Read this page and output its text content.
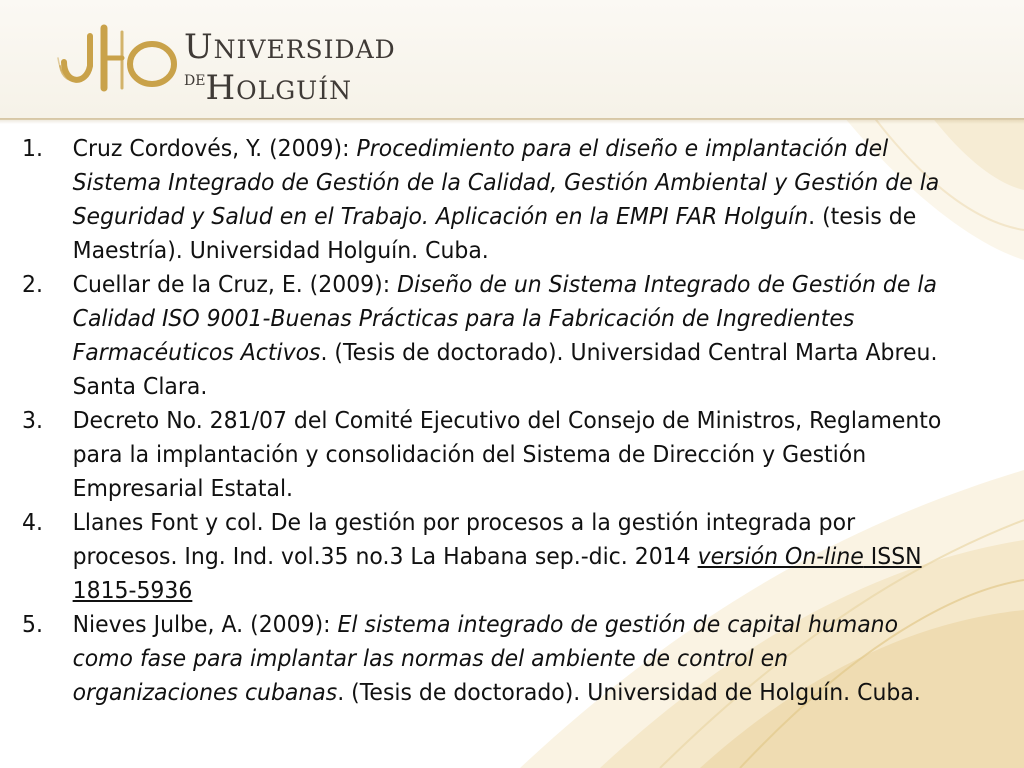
UNIVERSIDAD
$^{DE}$HOLGUÍN
1. Cruz Cordovés, Y. (2009): Procedimiento para el diseño e implantación del Sistema Integrado de Gestión de la Calidad, Gestión Ambiental y Gestión de la Seguridad y Salud en el Trabajo. Aplicación en la EMPI FAR Holguín. (tesis de Maestría). Universidad Holguín. Cuba.
2. Cuellar de la Cruz, E. (2009): Diseño de un Sistema Integrado de Gestión de la Calidad ISO 9001-Buenas Prácticas para la Fabricación de Ingredientes Farmacéuticos Activos. (Tesis de doctorado). Universidad Central Marta Abreu. Santa Clara.
3. Decreto No. 281/07 del Comité Ejecutivo del Consejo de Ministros, Reglamento para la implantación y consolidación del Sistema de Dirección y Gestión Empresarial Estatal.
4. Llanes Font y col. De la gestión por procesos a la gestión integrada por procesos. Ing. Ind. vol.35 no.3 La Habana sep.-dic. 2014 versión On-line ISSN 1815-5936
5. Nieves Julbe, A. (2009): El sistema integrado de gestión de capital humano como fase para implantar las normas del ambiente de control en organizaciones cubanas. (Tesis de doctorado). Universidad de Holguín. Cuba.
